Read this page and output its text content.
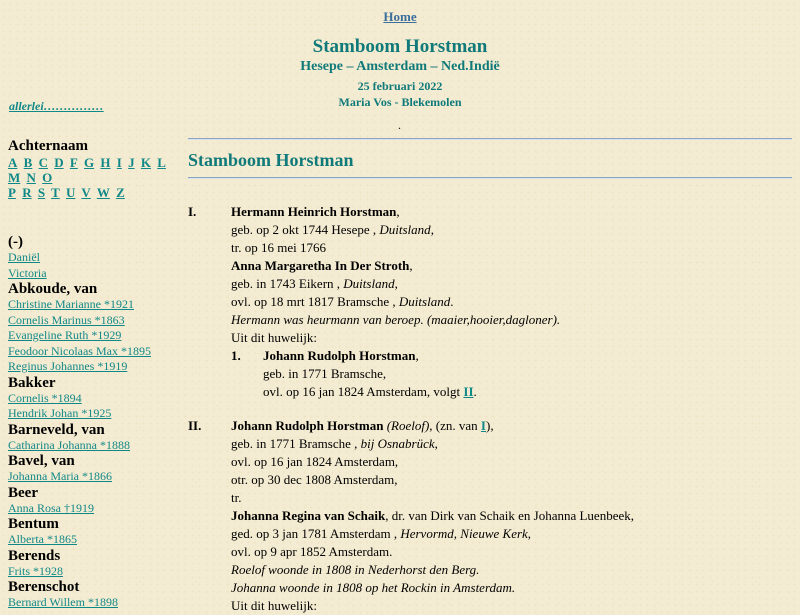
Home
Stamboom Horstman
Hesepe – Amsterdam – Ned.Indië
25 februari 2022
Maria Vos - Blekemolen
allerlei……………
.
Achternaam
A B C D F G H I J K L M N O
P R S T U V W Z
(-)
Daniël
Victoria
Abkoude, van
Christine Marianne *1921
Cornelis Marinus *1863
Evangeline Ruth *1929
Feodoor Nicolaas Max *1895
Reginus Johannes *1919
Bakker
Cornelis *1894
Hendrik Johan *1925
Barneveld, van
Catharina Johanna *1888
Bavel, van
Johanna Maria *1866
Beer
Anna Rosa †1919
Bentum
Alberta *1865
Berends
Frits *1928
Berenschot
Bernard Willem *1898
Stamboom Horstman
I.	Hermann Heinrich Horstman,
geb. op 2 okt 1744 Hesepe , Duitsland,
tr. op 16 mei 1766
Anna Margaretha In Der Stroth,
geb. in 1743 Eikern , Duitsland,
ovl. op 18 mrt 1817 Bramsche , Duitsland.
Hermann was heurmann van beroep. (maaier,hooier,dagloner).
Uit dit huwelijk:
1. Johann Rudolph Horstman,
geb. in 1771 Bramsche,
ovl. op 16 jan 1824 Amsterdam, volgt II.
II. Johann Rudolph Horstman (Roelof), (zn. van I),
geb. in 1771 Bramsche , bij Osnabrück,
ovl. op 16 jan 1824 Amsterdam,
otr. op 30 dec 1808 Amsterdam,
tr.
Johanna Regina van Schaik, dr. van Dirk van Schaik en Johanna Luenbeek,
ged. op 3 jan 1781 Amsterdam , Hervormd, Nieuwe Kerk,
ovl. op 9 apr 1852 Amsterdam.
Roelof woonde in 1808 in Nederhorst den Berg.
Johanna woonde in 1808 op het Rockin in Amsterdam.
Uit dit huwelijk:
